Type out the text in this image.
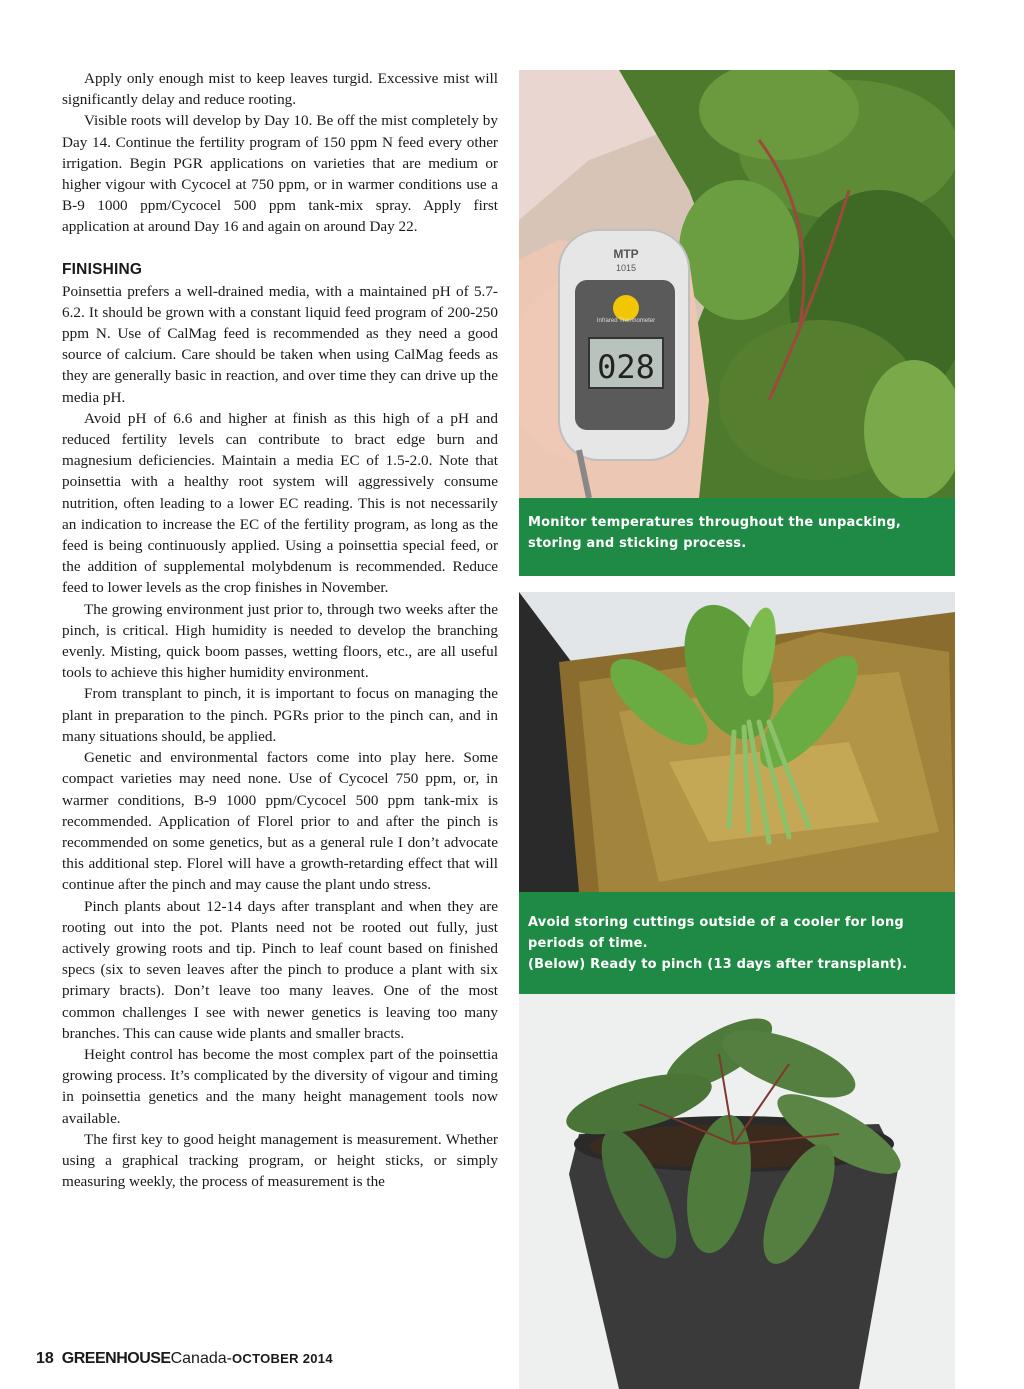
Apply only enough mist to keep leaves turgid. Excessive mist will significantly delay and reduce rooting.

Visible roots will develop by Day 10. Be off the mist completely by Day 14. Continue the fertility program of 150 ppm N feed every other irrigation. Begin PGR applications on varieties that are medium or higher vigour with Cycocel at 750 ppm, or in warmer conditions use a B-9 1000 ppm/Cycocel 500 ppm tank-mix spray. Apply first application at around Day 16 and again on around Day 22.

FINISHING

Poinsettia prefers a well-drained media, with a maintained pH of 5.7-6.2. It should be grown with a constant liquid feed program of 200-250 ppm N. Use of CalMag feed is recommended as they need a good source of calcium. Care should be taken when using CalMag feeds as they are generally basic in reaction, and over time they can drive up the media pH.

Avoid pH of 6.6 and higher at finish as this high of a pH and reduced fertility levels can contribute to bract edge burn and magnesium deficiencies. Maintain a media EC of 1.5-2.0. Note that poinsettia with a healthy root system will aggressively consume nutrition, often leading to a lower EC reading. This is not necessarily an indication to increase the EC of the fertility program, as long as the feed is being continuously applied. Using a poinsettia special feed, or the addition of supplemental molybdenum is recommended. Reduce feed to lower levels as the crop finishes in November.

The growing environment just prior to, through two weeks after the pinch, is critical. High humidity is needed to develop the branching evenly. Misting, quick boom passes, wetting floors, etc., are all useful tools to achieve this higher humidity environment.

From transplant to pinch, it is important to focus on managing the plant in preparation to the pinch. PGRs prior to the pinch can, and in many situations should, be applied.

Genetic and environmental factors come into play here. Some compact varieties may need none. Use of Cycocel 750 ppm, or, in warmer conditions, B-9 1000 ppm/Cycocel 500 ppm tank-mix is recommended. Application of Florel prior to and after the pinch is recommended on some genetics, but as a general rule I don’t advocate this additional step. Florel will have a growth-retarding effect that will continue after the pinch and may cause the plant undo stress.

Pinch plants about 12-14 days after transplant and when they are rooting out into the pot. Plants need not be rooted out fully, just actively growing roots and tip. Pinch to leaf count based on finished specs (six to seven leaves after the pinch to produce a plant with six primary bracts). Don’t leave too many leaves. One of the most common challenges I see with newer genetics is leaving too many branches. This can cause wide plants and smaller bracts.

Height control has become the most complex part of the poinsettia growing process. It’s complicated by the diversity of vigour and timing in poinsettia genetics and the many height management tools now available.

The first key to good height management is measurement. Whether using a graphical tracking program, or height sticks, or simply measuring weekly, the process of measurement is the

028
MTP
1015
Infrared Thermometer
Monitor temperatures throughout the unpacking,
storing and sticking process.
Avoid storing cuttings outside of a cooler for long
periods of time.
(Below) Ready to pinch (13 days after transplant).
18 GREENHOUSECanada-OCTOBER 2014
